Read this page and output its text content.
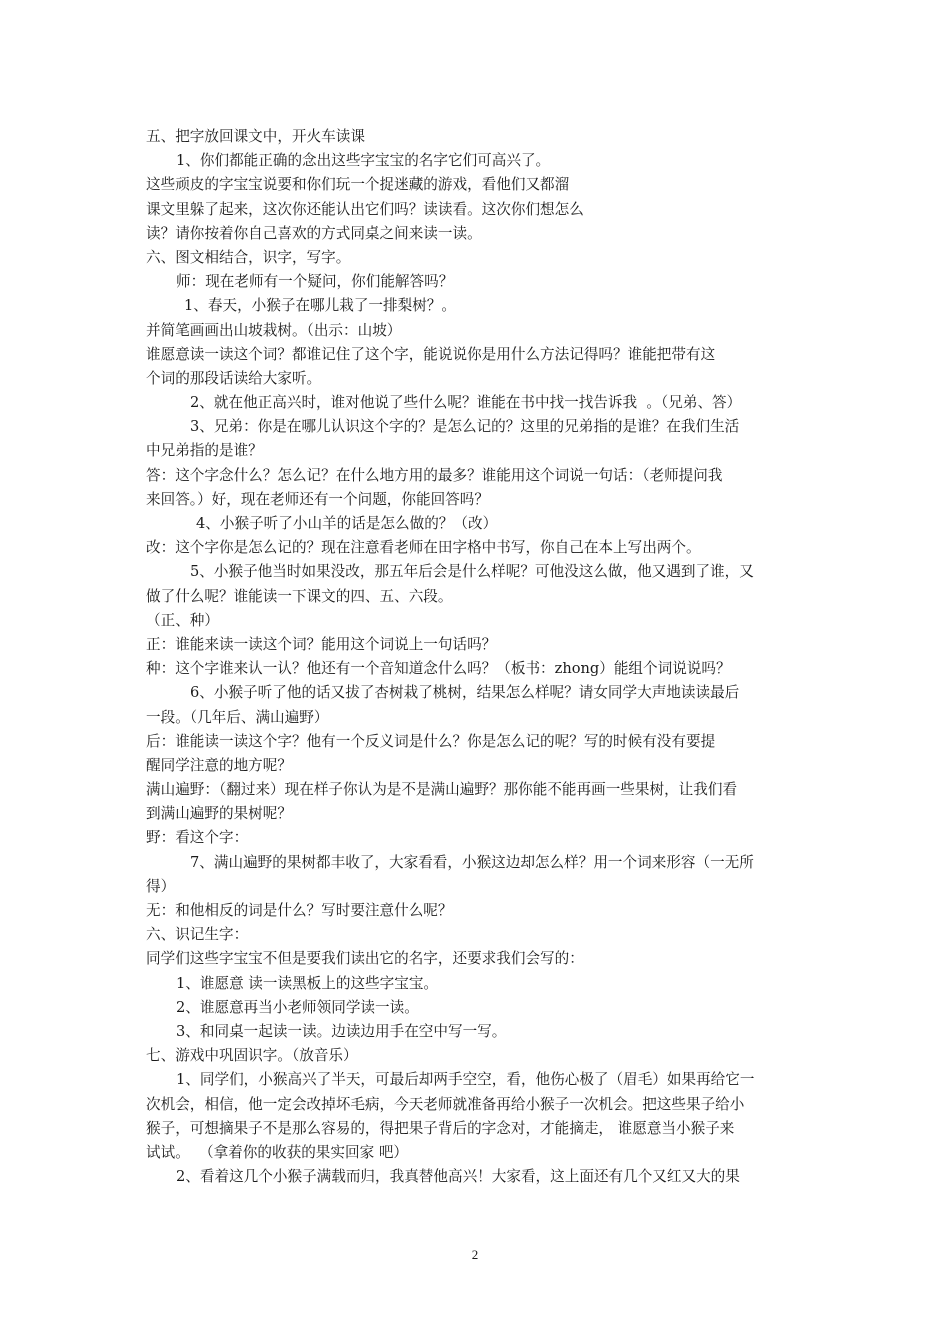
五、把字放回课文中，开火车读课
1、你们都能正确的念出这些字宝宝的名字它们可高兴了。
这些顽皮的字宝宝说要和你们玩一个捉迷藏的游戏，看他们又都溜
课文里躲了起来，这次你还能认出它们吗？读读看。这次你们想怎么
读？请你按着你自己喜欢的方式同桌之间来读一读。
六、图文相结合，识字，写字。
师：现在老师有一个疑问，你们能解答吗？
1、春天，小猴子在哪儿栽了一排梨树？。
并简笔画画出山坡栽树。（出示：山坡）
谁愿意读一读这个词？都谁记住了这个字，能说说你是用什么方法记得吗？谁能把带有这
个词的那段话读给大家听。
2、就在他正高兴时，谁对他说了些什么呢？谁能在书中找一找告诉我  。（兄弟、答）
3、兄弟：你是在哪儿认识这个字的？是怎么记的？这里的兄弟指的是谁？在我们生活
中兄弟指的是谁？
答：这个字念什么？怎么记？在什么地方用的最多？谁能用这个词说一句话：（老师提问我
来回答。）好，现在老师还有一个问题，你能回答吗？
4、小猴子听了小山羊的话是怎么做的？（改）
改：这个字你是怎么记的？现在注意看老师在田字格中书写，你自己在本上写出两个。
5、小猴子他当时如果没改，那五年后会是什么样呢？可他没这么做，他又遇到了谁，又
做了什么呢？谁能读一下课文的四、五、六段。
（正、种）
正：谁能来读一读这个词？能用这个词说上一句话吗？
种：这个字谁来认一认？他还有一个音知道念什么吗？（板书：zhong）能组个词说说吗？
6、小猴子听了他的话又拔了杏树栽了桃树，结果怎么样呢？请女同学大声地读读最后
一段。（几年后、满山遍野）
后：谁能读一读这个字？他有一个反义词是什么？你是怎么记的呢？写的时候有没有要提
醒同学注意的地方呢？
满山遍野：（翻过来）现在样子你认为是不是满山遍野？那你能不能再画一些果树，让我们看
到满山遍野的果树呢？
野：看这个字：
7、满山遍野的果树都丰收了，大家看看，小猴这边却怎么样？用一个词来形容（一无所
得）
无：和他相反的词是什么？写时要注意什么呢？
六、识记生字：
同学们这些字宝宝不但是要我们读出它的名字，还要求我们会写的：
1、谁愿意 读一读黑板上的这些字宝宝。
2、谁愿意再当小老师领同学读一读。
3、和同桌一起读一读。边读边用手在空中写一写。
七、游戏中巩固识字。（放音乐）
1、同学们，小猴高兴了半天，可最后却两手空空，看，他伤心极了（眉毛）如果再给它一
次机会，相信，他一定会改掉坏毛病，今天老师就准备再给小猴子一次机会。把这些果子给小
猴子，可想摘果子不是那么容易的，得把果子背后的字念对，才能摘走， 谁愿意当小猴子来
试试。  （拿着你的收获的果实回家 吧）
2、看着这几个小猴子满载而归，我真替他高兴！大家看，这上面还有几个又红又大的果
2
